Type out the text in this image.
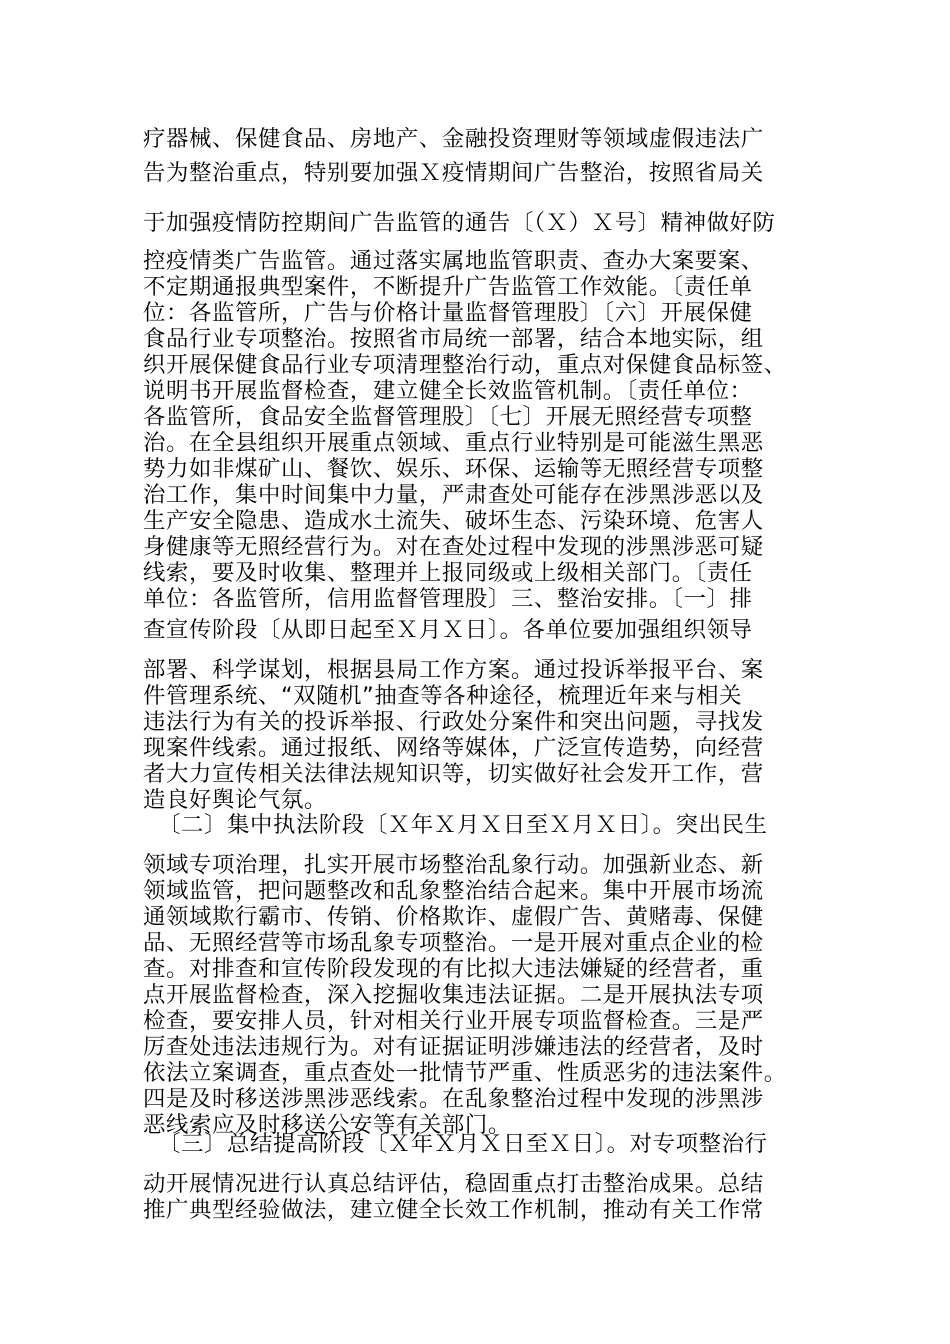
疗器械、保健食品、房地产、金融投资理财等领域虚假违法广
告为整治重点，特别要加强Ｘ疫情期间广告整治，按照省局关
于加强疫情防控期间广告监管的通告〔（Ｘ）Ｘ号〕精神做好防
控疫情类广告监管。通过落实属地监管职责、查办大案要案、
不定期通报典型案件，不断提升广告监管工作效能。〔责任单
位：各监管所，广告与价格计量监督管理股〕〔六〕开展保健
食品行业专项整治。按照省市局统一部署，结合本地实际，组
织开展保健食品行业专项清理整治行动，重点对保健食品标签、
说明书开展监督检查，建立健全长效监管机制。〔责任单位：
各监管所，食品安全监督管理股〕〔七〕开展无照经营专项整
治。在全县组织开展重点领域、重点行业特别是可能滋生黑恶
势力如非煤矿山、餐饮、娱乐、环保、运输等无照经营专项整
治工作，集中时间集中力量，严肃查处可能存在涉黑涉恶以及
生产安全隐患、造成水土流失、破坏生态、污染环境、危害人
身健康等无照经营行为。对在查处过程中发现的涉黑涉恶可疑
线索，要及时收集、整理并上报同级或上级相关部门。〔责任
单位：各监管所，信用监督管理股〕三、整治安排。〔一〕排
查宣传阶段〔从即日起至Ｘ月Ｘ日〕。各单位要加强组织领导
部署、科学谋划，根据县局工作方案。通过投诉举报平台、案
件管理系统、“双随机”抽查等各种途径，梳理近年来与相关
违法行为有关的投诉举报、行政处分案件和突出问题，寻找发
现案件线索。通过报纸、网络等媒体，广泛宣传造势，向经营
者大力宣传相关法律法规知识等，切实做好社会发开工作，营
造良好舆论气氛。
〔二〕集中执法阶段〔Ｘ年Ｘ月Ｘ日至Ｘ月Ｘ日〕。突出民生
领域专项治理，扎实开展市场整治乱象行动。加强新业态、新
领域监管，把问题整改和乱象整治结合起来。集中开展市场流
通领域欺行霸市、传销、价格欺诈、虚假广告、黄赌毒、保健
品、无照经营等市场乱象专项整治。一是开展对重点企业的检
查。对排查和宣传阶段发现的有比拟大违法嫌疑的经营者，重
点开展监督检查，深入挖掘收集违法证据。二是开展执法专项
检查，要安排人员，针对相关行业开展专项监督检查。三是严
厉查处违法违规行为。对有证据证明涉嫌违法的经营者，及时
依法立案调查，重点查处一批情节严重、性质恶劣的违法案件。
四是及时移送涉黑涉恶线索。在乱象整治过程中发现的涉黑涉
恶线索应及时移送公安等有关部门。
〔三〕总结提高阶段〔Ｘ年Ｘ月Ｘ日至Ｘ日〕。对专项整治行
动开展情况进行认真总结评估，稳固重点打击整治成果。总结
推广典型经验做法，建立健全长效工作机制，推动有关工作常
